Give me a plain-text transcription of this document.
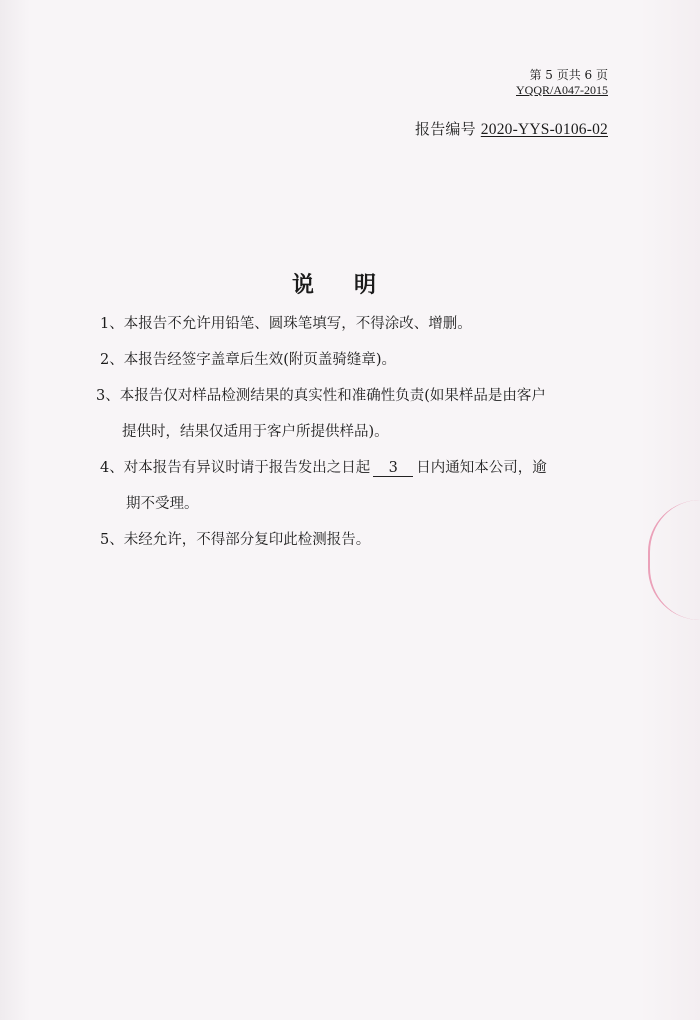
第 5 页共 6 页
YQQR/A047-2015
报告编号 2020-YYS-0106-02
说明

1、本报告不允许用铅笔、圆珠笔填写，不得涂改、增删。

2、本报告经签字盖章后生效(附页盖骑缝章)。

3、本报告仅对样品检测结果的真实性和准确性负责(如果样品是由客户
提供时，结果仅适用于客户所提供样品)。

4、对本报告有异议时请于报告发出之日起 3 日内通知本公司，逾
期不受理。

5、未经允许，不得部分复印此检测报告。
